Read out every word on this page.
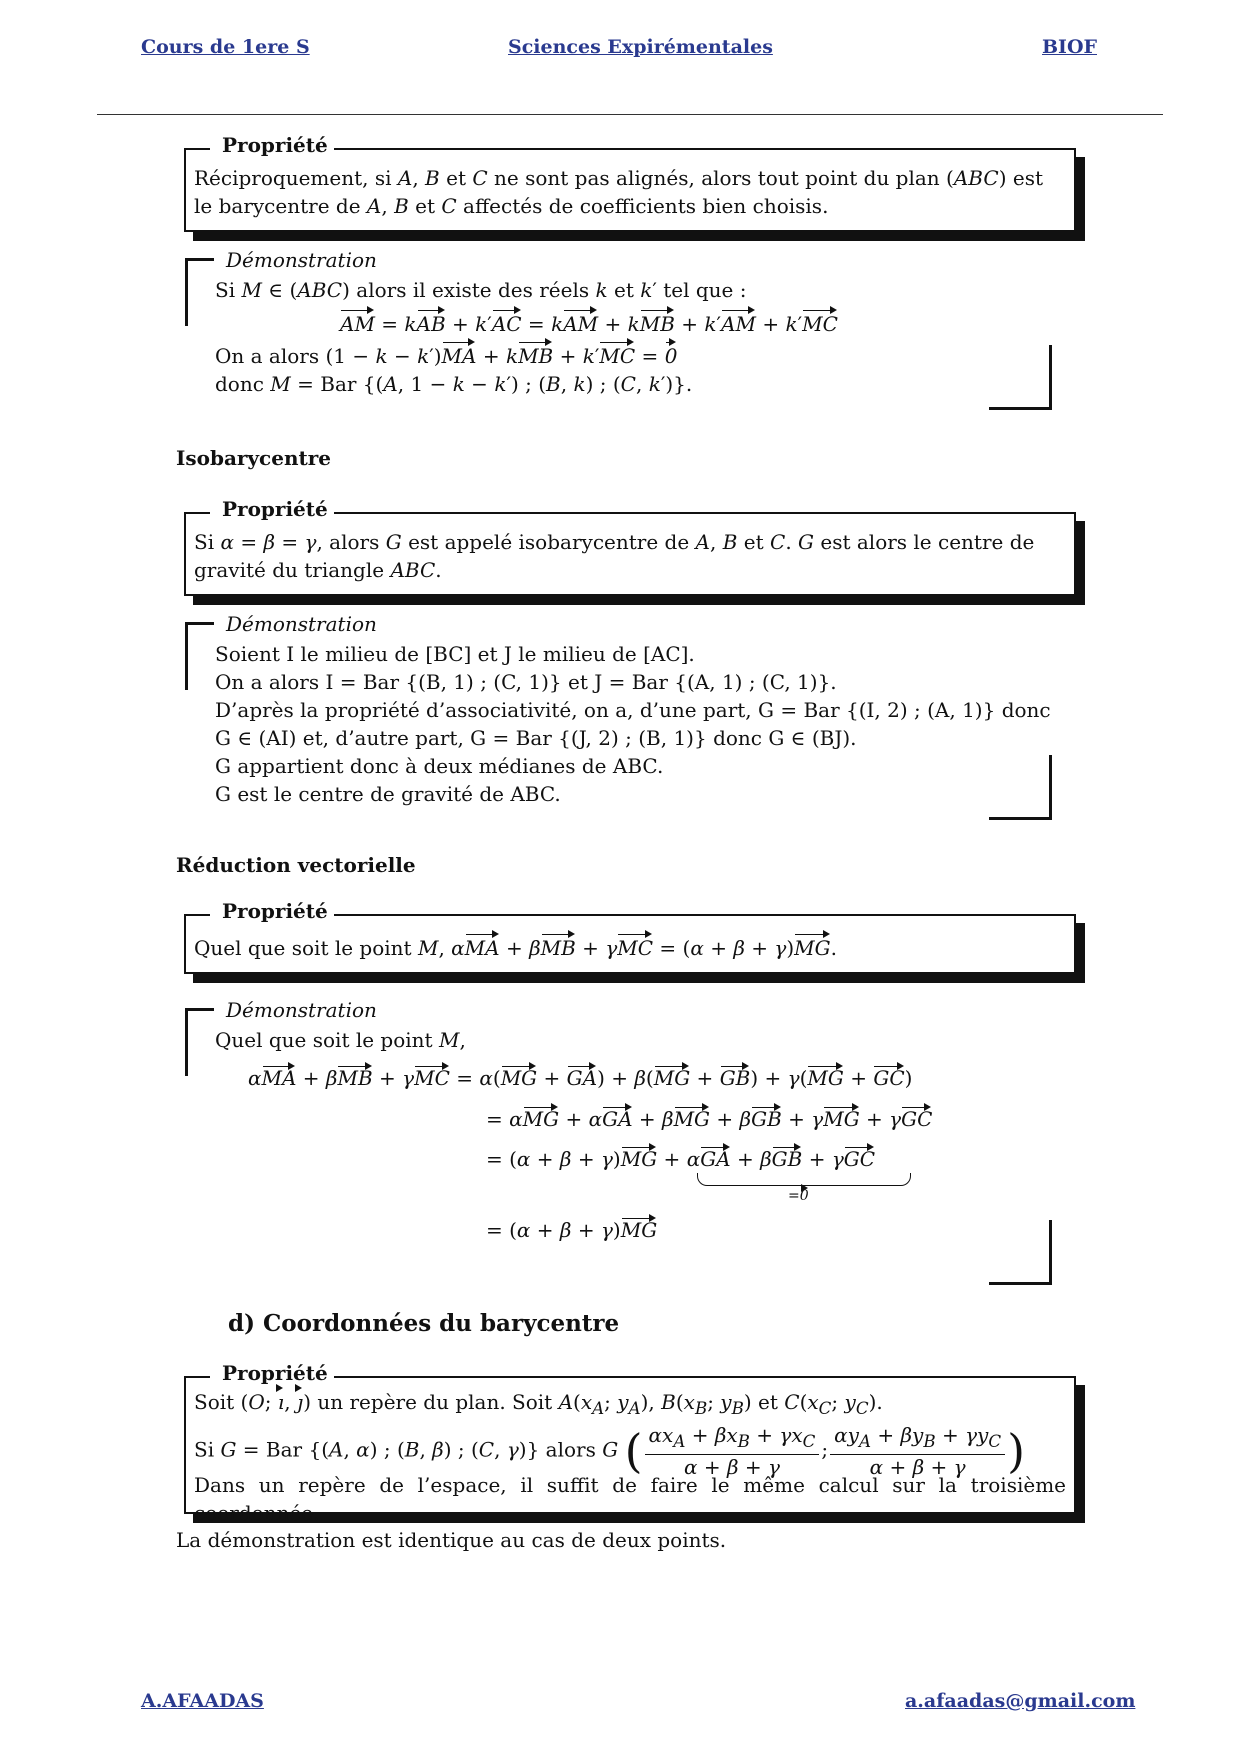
Cours de 1ere S	Sciences Expirémentales	BIOF
Propriété
Réciproquement, si A, B et C ne sont pas alignés, alors tout point du plan (ABC) est
le barycentre de A, B et C affectés de coefficients bien choisis.
Démonstration
Si M ∈ (ABC) alors il existe des réels k et k′ tel que :
AM = kAB + k′AC = kAM + kMB + k′AM + k′MC
On a alors (1 − k − k′)MA + kMB + k′MC = 0
donc M = Bar {(A, 1 − k − k′) ; (B, k) ; (C, k′)}.
Isobarycentre
Propriété
Si α = β = γ, alors G est appelé isobarycentre de A, B et C. G est alors le centre de
gravité du triangle ABC.
Démonstration
Soient I le milieu de [BC] et J le milieu de [AC].
On a alors I = Bar {(B, 1) ; (C, 1)} et J = Bar {(A, 1) ; (C, 1)}.
D’après la propriété d’associativité, on a, d’une part, G = Bar {(I, 2) ; (A, 1)} donc
G ∈ (AI) et, d’autre part, G = Bar {(J, 2) ; (B, 1)} donc G ∈ (BJ).
G appartient donc à deux médianes de ABC.
G est le centre de gravité de ABC.
Réduction vectorielle
Propriété
Quel que soit le point M, αMA + βMB + γMC = (α + β + γ)MG.
Démonstration
Quel que soit le point M,
αMA + βMB + γMC = α(MG + GA) + β(MG + GB) + γ(MG + GC)
= αMG + αGA + βMG + βGB + γMG + γGC
= (α + β + γ)MG + αGA + βGB + γGC
=0
= (α + β + γ)MG
d) Coordonnées du barycentre
Propriété
Soit (O; ı, ȷ) un repère du plan. Soit $A(x_A$; $y_A$), $B(x_B$; $y_B$) et $C(x_C$; $y_C$).
Si G = Bar {(A, α) ; (B, β) ; (C, γ)} alors G ( $\frac{\alpha x_A + \beta x_B + \gamma x_C}{\alpha + \beta + \gamma}$ ; $\frac{\alpha y_A + \beta y_B + \gamma y_C}{\alpha + \beta + \gamma}$ )
Dans un repère de l’espace, il suffit de faire le même calcul sur la troisième coordonnée.
La démonstration est identique au cas de deux points.
A.AFAADAS	a.afaadas@gmail.com
